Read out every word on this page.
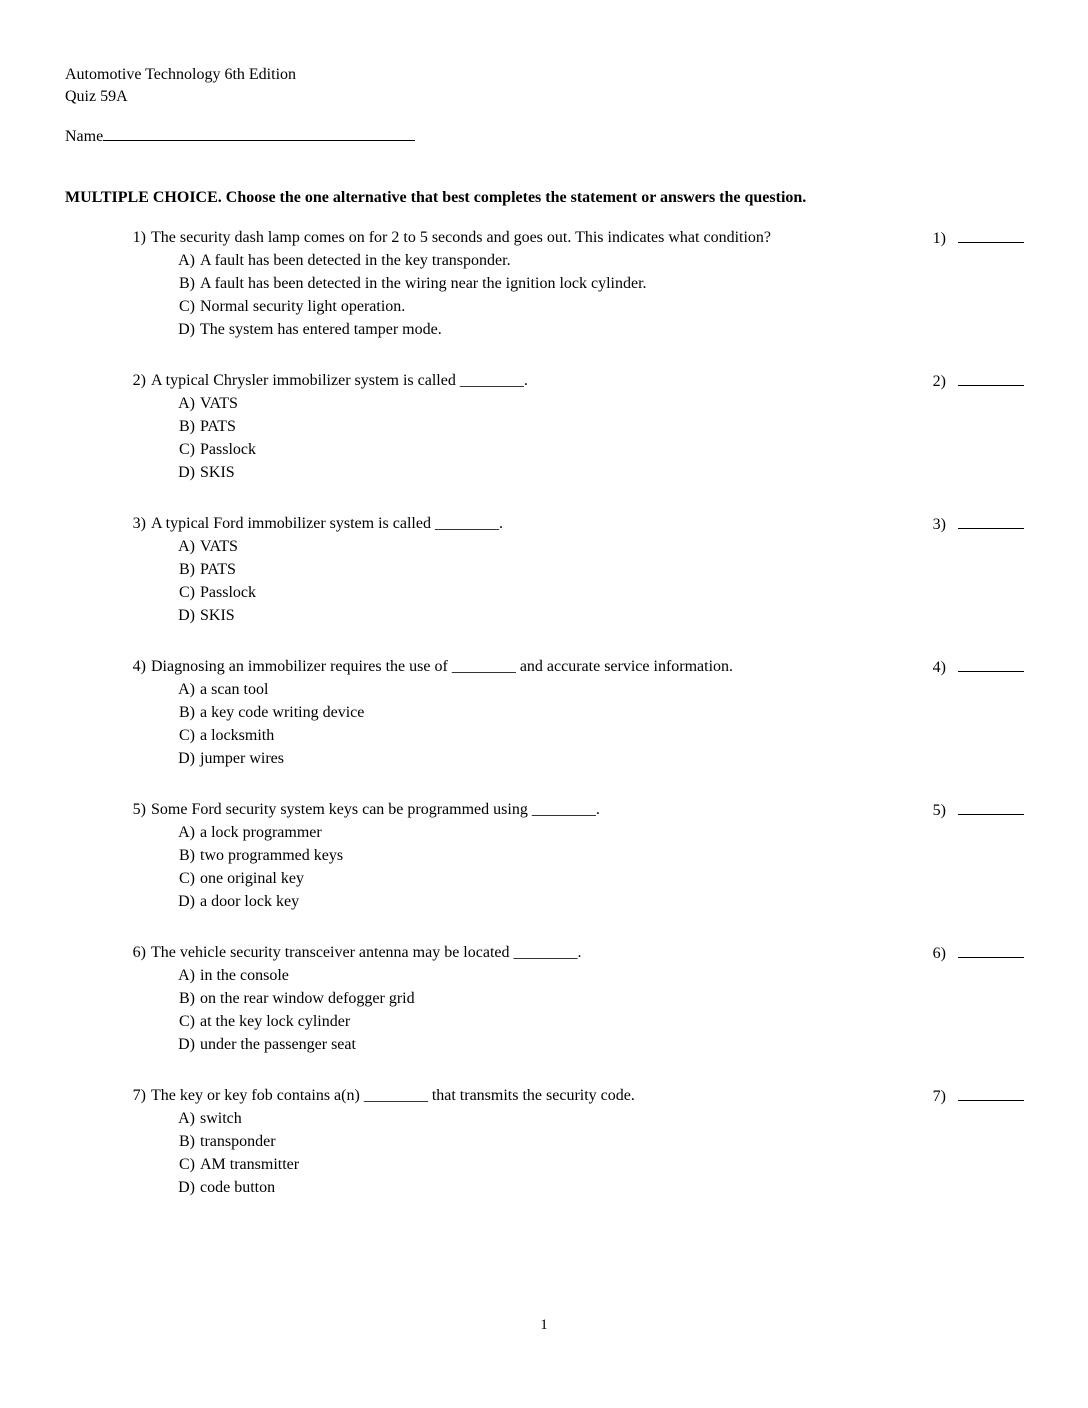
Automotive Technology 6th Edition
Quiz 59A
Name
MULTIPLE CHOICE. Choose the one alternative that best completes the statement or answers the question.
1) The security dash lamp comes on for 2 to 5 seconds and goes out. This indicates what condition?
A) A fault has been detected in the key transponder.
B) A fault has been detected in the wiring near the ignition lock cylinder.
C) Normal security light operation.
D) The system has entered tamper mode.
1)
2) A typical Chrysler immobilizer system is called ________.
A) VATS
B) PATS
C) Passlock
D) SKIS
2)
3) A typical Ford immobilizer system is called ________.
A) VATS
B) PATS
C) Passlock
D) SKIS
3)
4) Diagnosing an immobilizer requires the use of ________ and accurate service information.
A) a scan tool
B) a key code writing device
C) a locksmith
D) jumper wires
4)
5) Some Ford security system keys can be programmed using ________.
A) a lock programmer
B) two programmed keys
C) one original key
D) a door lock key
5)
6) The vehicle security transceiver antenna may be located ________.
A) in the console
B) on the rear window defogger grid
C) at the key lock cylinder
D) under the passenger seat
6)
7) The key or key fob contains a(n) ________ that transmits the security code.
A) switch
B) transponder
C) AM transmitter
D) code button
7)
1
